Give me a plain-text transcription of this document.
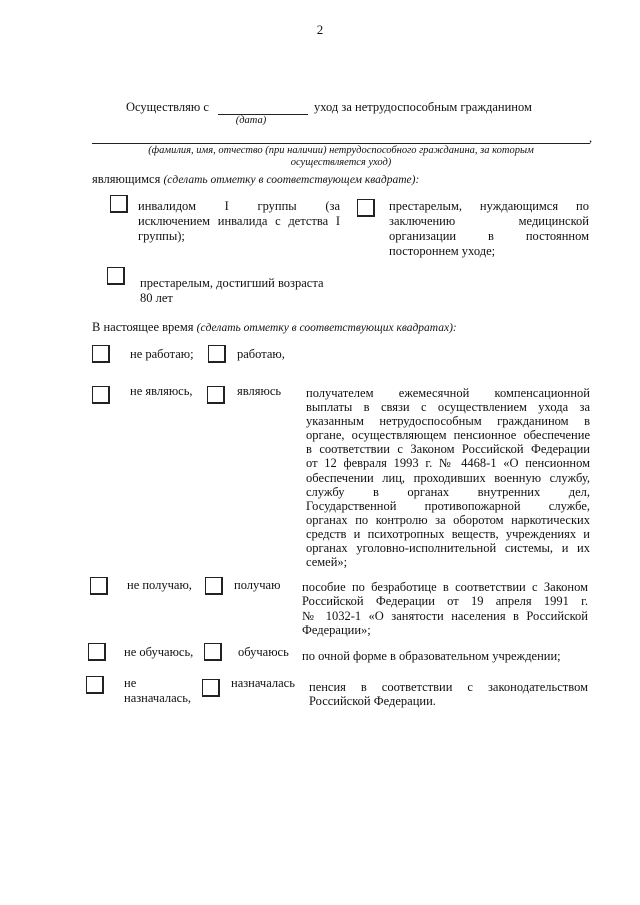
2
Осуществляю с	уход за нетрудоспособным гражданином
(дата)
,
(фамилия, имя, отчество (при наличии) нетрудоспособного гражданина, за которым
осуществляется уход)
являющимся (сделать отметку в соответствующем квадрате):
инвалидом I группы (за
исключением инвалида с детства I
группы);
престарелым, нуждающимся по
заключению медицинской
организации в постоянном
постороннем уходе;
престарелым, достигший возраста
80 лет
В настоящее время (сделать отметку в соответствующих квадратах):
не работаю;	работаю,
не являюсь,	являюсь получателем ежемесячной компенсационной
выплаты в связи с осуществлением ухода за
указанным нетрудоспособным гражданином в
органе, осуществляющем пенсионное обеспечение
в соответствии с Законом Российской Федерации
от 12 февраля 1993 г. № 4468-1 «О пенсионном
обеспечении лиц, проходивших военную службу,
службу в органах внутренних дел,
Государственной противопожарной службе,
органах по контролю за оборотом наркотических
средств и психотропных веществ, учреждениях и
органах уголовно-исполнительной системы, и их
семей»;
не получаю,	получаю пособие по безработице в соответствии с Законом
Российской Федерации от 19 апреля 1991 г.
№ 1032-1 «О занятости населения в Российской
Федерации»;
не обучаюсь,	обучаюсь по очной форме в образовательном учреждении;
не
назначалась,
назначалась пенсия в соответствии с законодательством
Российской Федерации.
